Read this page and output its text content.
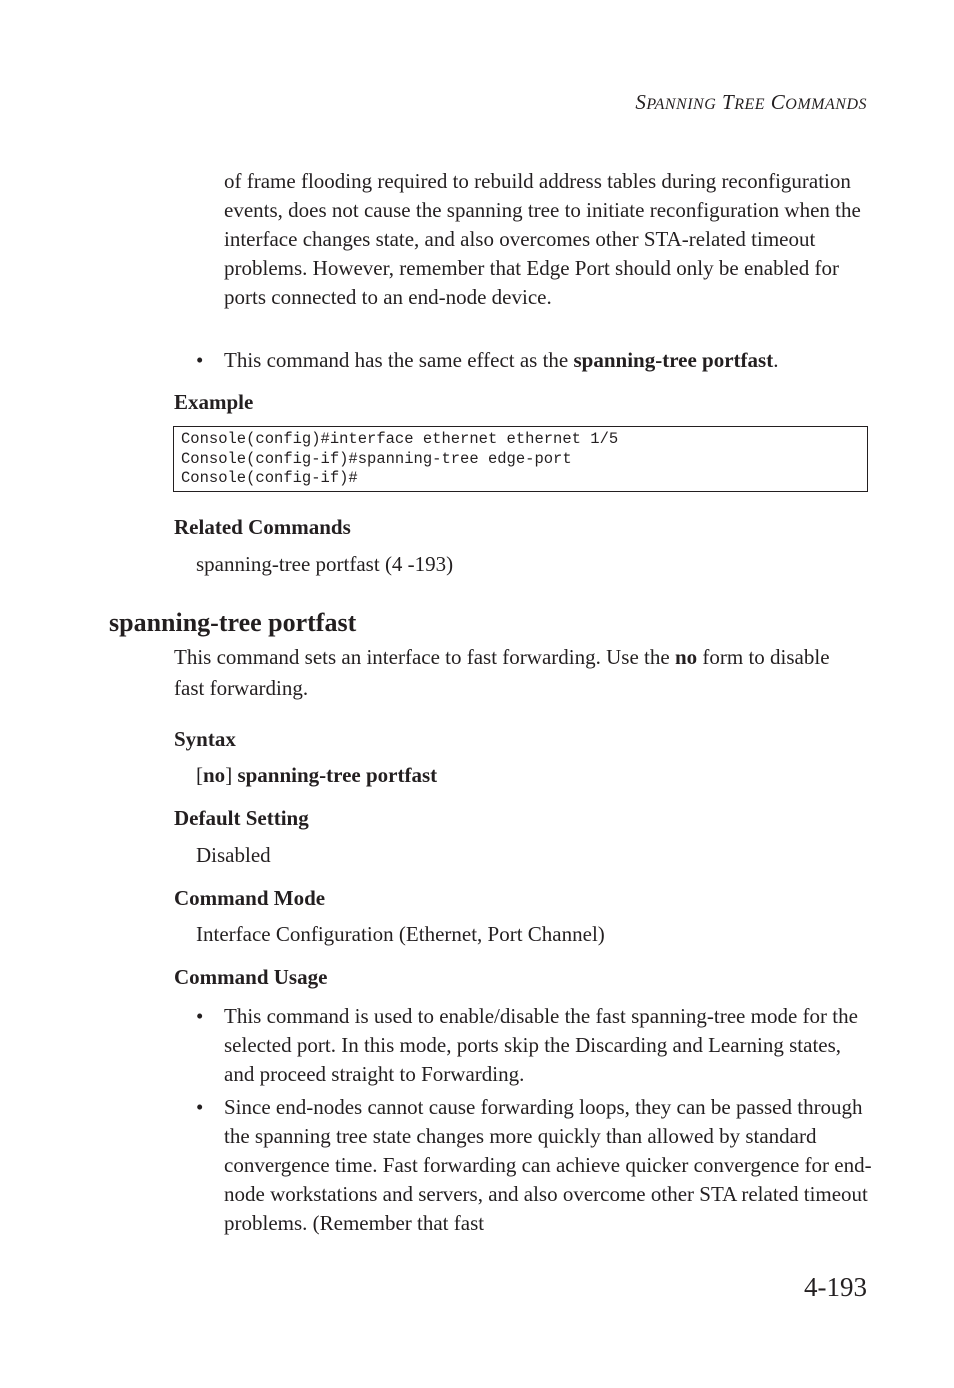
SPANNING TREE COMMANDS
of frame flooding required to rebuild address tables during reconfiguration events, does not cause the spanning tree to initiate reconfiguration when the interface changes state, and also overcomes other STA-related timeout problems. However, remember that Edge Port should only be enabled for ports connected to an end-node device.
• This command has the same effect as the spanning-tree portfast.
Example
Console(config)#interface ethernet ethernet 1/5
Console(config-if)#spanning-tree edge-port
Console(config-if)#
Related Commands
spanning-tree portfast (4 -193)
spanning-tree portfast
This command sets an interface to fast forwarding. Use the no form to disable fast forwarding.
Syntax
[no] spanning-tree portfast
Default Setting
Disabled
Command Mode
Interface Configuration (Ethernet, Port Channel)
Command Usage
• This command is used to enable/disable the fast spanning-tree mode for the selected port. In this mode, ports skip the Discarding and Learning states, and proceed straight to Forwarding.
• Since end-nodes cannot cause forwarding loops, they can be passed through the spanning tree state changes more quickly than allowed by standard convergence time. Fast forwarding can achieve quicker convergence for end-node workstations and servers, and also overcome other STA related timeout problems. (Remember that fast
4-193
